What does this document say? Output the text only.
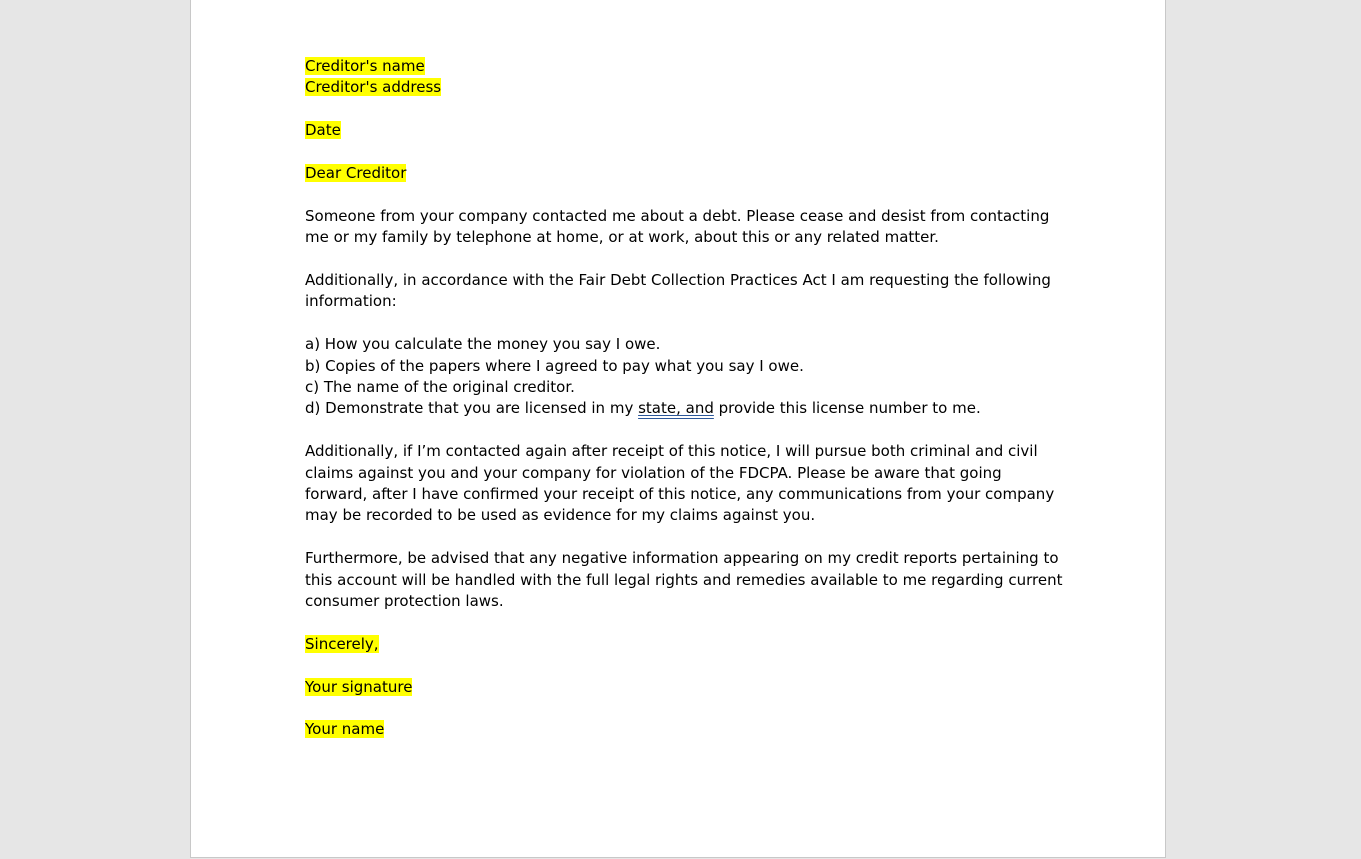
Creditor's name
Creditor's address

Date

Dear Creditor

Someone from your company contacted me about a debt. Please cease and desist from contacting me or my family by telephone at home, or at work, about this or any related matter.

Additionally, in accordance with the Fair Debt Collection Practices Act I am requesting the following information:

a) How you calculate the money you say I owe.
b) Copies of the papers where I agreed to pay what you say I owe.
c) The name of the original creditor.
d) Demonstrate that you are licensed in my state, and provide this license number to me.

Additionally, if I’m contacted again after receipt of this notice, I will pursue both criminal and civil claims against you and your company for violation of the FDCPA. Please be aware that going forward, after I have confirmed your receipt of this notice, any communications from your company may be recorded to be used as evidence for my claims against you.

Furthermore, be advised that any negative information appearing on my credit reports pertaining to this account will be handled with the full legal rights and remedies available to me regarding current consumer protection laws.

Sincerely,

Your signature

Your name
